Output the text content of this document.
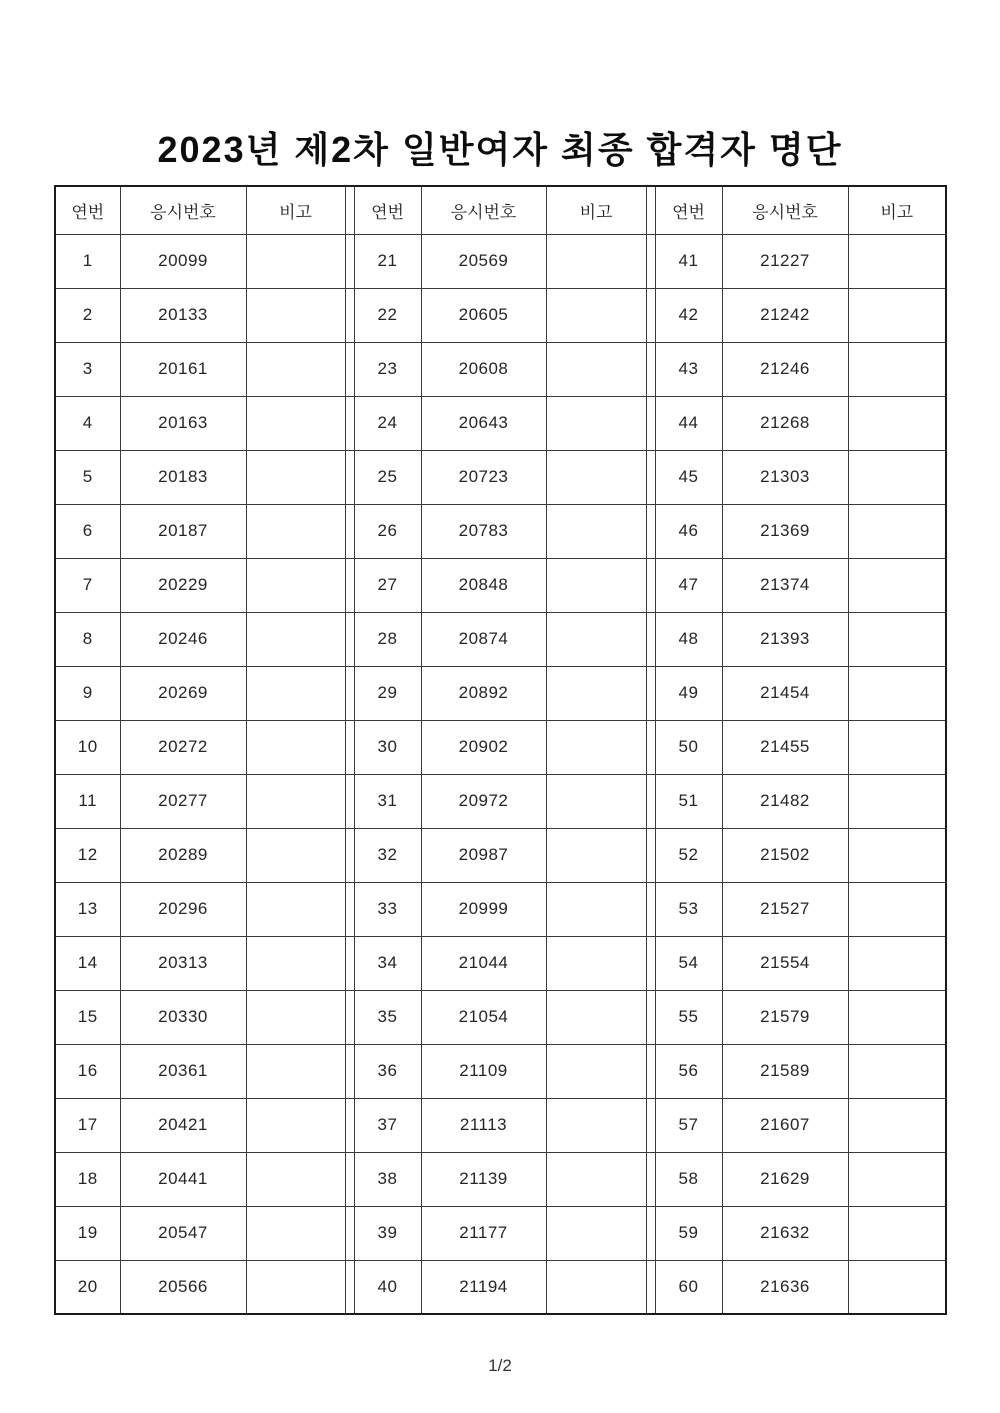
2023년 제2차 일반여자 최종 합격자 명단
연번	응시번호	비고		연번	응시번호	비고		연번	응시번호	비고
1	20099			21	20569			41	21227	
2	20133			22	20605			42	21242	
3	20161			23	20608			43	21246	
4	20163			24	20643			44	21268	
5	20183			25	20723			45	21303	
6	20187			26	20783			46	21369	
7	20229			27	20848			47	21374	
8	20246			28	20874			48	21393	
9	20269			29	20892			49	21454	
10	20272			30	20902			50	21455	
11	20277			31	20972			51	21482	
12	20289			32	20987			52	21502	
13	20296			33	20999			53	21527	
14	20313			34	21044			54	21554	
15	20330			35	21054			55	21579	
16	20361			36	21109			56	21589	
17	20421			37	21113			57	21607	
18	20441			38	21139			58	21629	
19	20547			39	21177			59	21632	
20	20566			40	21194			60	21636	
1/2
